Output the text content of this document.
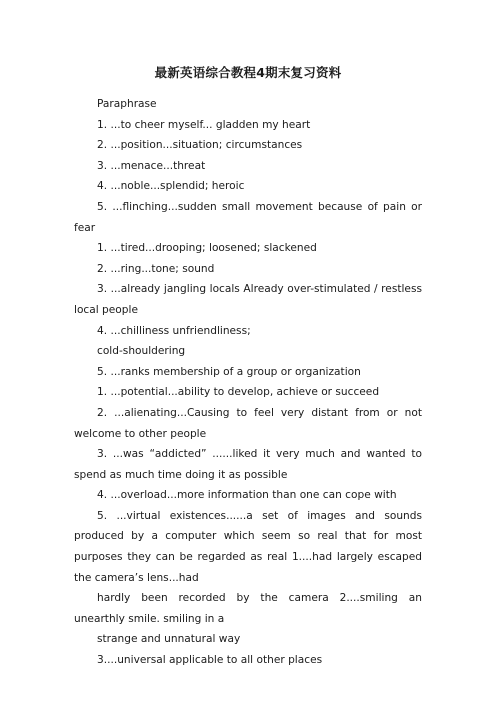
最新英语综合教程4期末复习资料

Paraphrase

1. ...to cheer myself... gladden my heart

2. ...position...situation; circumstances

3. ...menace...threat

4. ...noble...splendid; heroic

5. ...flinching...sudden small movement because of pain or fear

1. ...tired...drooping; loosened; slackened

2. ...ring...tone; sound

3. ...already jangling locals Already over-stimulated / restless local people

4. ...chilliness unfriendliness;

cold-shouldering

5. ...ranks membership of a group or organization

1. ...potential...ability to develop, achieve or succeed

2. ...alienating...Causing to feel very distant from or not welcome to other people

3. ...was “addicted” ......liked it very much and wanted to spend as much time doing it as possible

4. ...overload...more information than one can cope with

5. ...virtual existences......a set of images and sounds produced by a computer which seem so real that for most purposes they can be regarded as real 1....had largely escaped the camera’s lens...had

hardly been recorded by the camera 2....smiling an unearthly smile. smiling in a

strange and unnatural way

3....universal applicable to all other places
